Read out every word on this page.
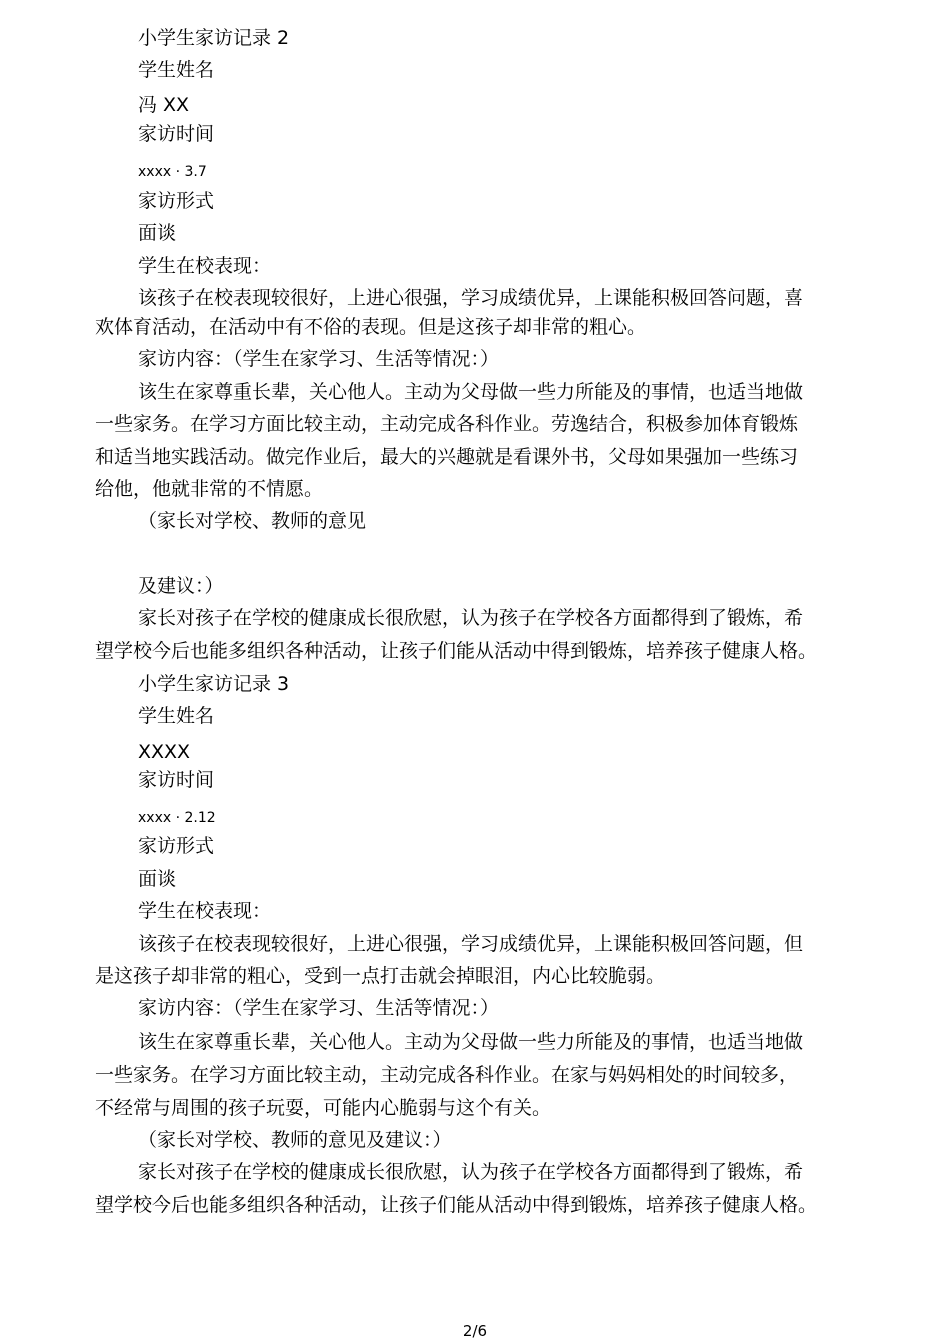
小学生家访记录 2
学生姓名
冯 XX
家访时间
xxxx · 3.7
家访形式
面谈
学生在校表现：
该孩子在校表现较很好，上进心很强，学习成绩优异，上课能积极回答问题，喜
欢体育活动，在活动中有不俗的表现。但是这孩子却非常的粗心。
家访内容：（学生在家学习、生活等情况：）
该生在家尊重长辈，关心他人。主动为父母做一些力所能及的事情，也适当地做
一些家务。在学习方面比较主动，主动完成各科作业。劳逸结合，积极参加体育锻炼
和适当地实践活动。做完作业后，最大的兴趣就是看课外书，父母如果强加一些练习
给他，他就非常的不情愿。
（家长对学校、教师的意见
及建议：）
家长对孩子在学校的健康成长很欣慰，认为孩子在学校各方面都得到了锻炼，希
望学校今后也能多组织各种活动，让孩子们能从活动中得到锻炼，培养孩子健康人格。
小学生家访记录 3
学生姓名
XXXX
家访时间
xxxx · 2.12
家访形式
面谈
学生在校表现：
该孩子在校表现较很好，上进心很强，学习成绩优异，上课能积极回答问题，但
是这孩子却非常的粗心，受到一点打击就会掉眼泪，内心比较脆弱。
家访内容：（学生在家学习、生活等情况：）
该生在家尊重长辈，关心他人。主动为父母做一些力所能及的事情，也适当地做
一些家务。在学习方面比较主动，主动完成各科作业。在家与妈妈相处的时间较多，
不经常与周围的孩子玩耍，可能内心脆弱与这个有关。
（家长对学校、教师的意见及建议：）
家长对孩子在学校的健康成长很欣慰，认为孩子在学校各方面都得到了锻炼，希
望学校今后也能多组织各种活动，让孩子们能从活动中得到锻炼，培养孩子健康人格。
2/6
